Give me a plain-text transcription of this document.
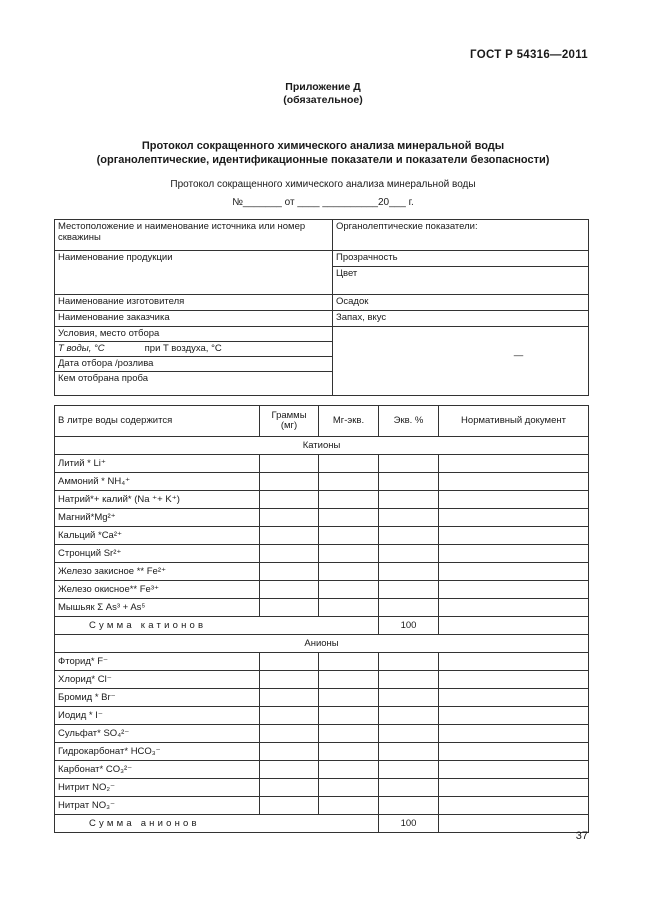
ГОСТ Р 54316—2011
Приложение Д
(обязательное)
Протокол сокращенного химического анализа минеральной воды
(органолептические, идентификационные показатели и показатели безопасности)
Протокол сокращенного химического анализа минеральной воды
№_______ от ____ __________20___ г.
Местоположение и наименование источника или номер скважины	Органолептические показатели:
Наименование продукции	Прозрачность
	Цвет
Наименование изготовителя	Осадок
Наименование заказчика	Запах, вкус
Условия, место отбора	—
T воды, °C при T воздуха, °C	
Дата отбора /розлива	
Кем отобрана проба	
В литре воды содержится	Граммы (мг)	Мг-экв.	Экв. %	Нормативный документ
Катионы				
Литий * Li⁺				
Аммоний * NH₄⁺				
Натрий*+ калий* (Na ⁺+ K⁺)				
Магний*Mg²⁺				
Кальций *Ca²⁺				
Стронций Sr²⁺				
Железо закисное ** Fe²⁺				
Железо окисное** Fe³⁺				
Мышьяк Σ As³ + As⁵				
Сумма катионов			100	
Анионы				
Фторид* F⁻				
Хлорид* Cl⁻				
Бромид * Br⁻				
Иодид * I⁻				
Сульфат* SO₄²⁻				
Гидрокарбонат* HCO₃⁻				
Карбонат* CO₃²⁻				
Нитрит NO₂⁻				
Нитрат NO₃⁻				
Сумма анионов			100	
37
